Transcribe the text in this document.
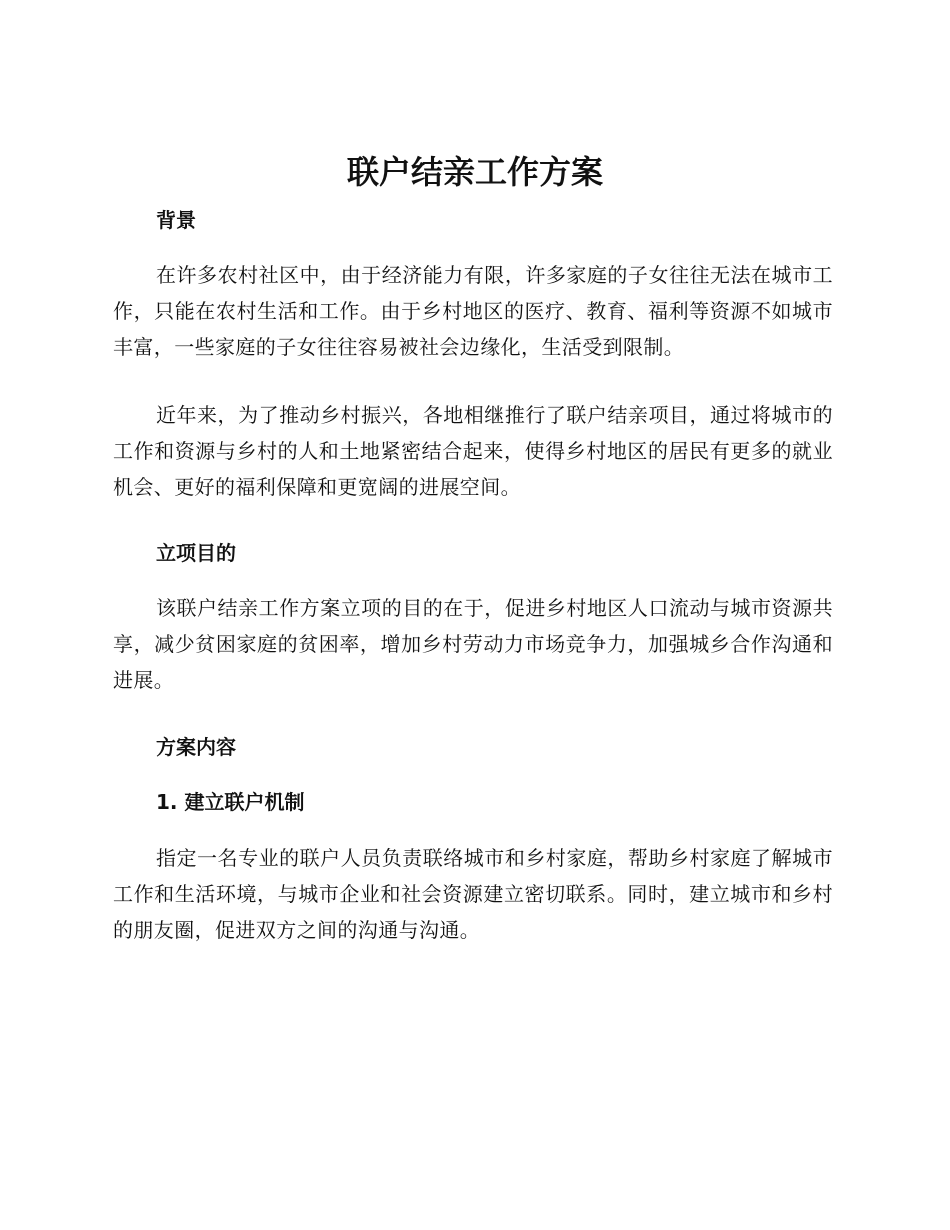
联户结亲工作方案
背景

在许多农村社区中，由于经济能力有限，许多家庭的子女往往无法在城市工作，只能在农村生活和工作。由于乡村地区的医疗、教育、福利等资源不如城市丰富，一些家庭的子女往往容易被社会边缘化，生活受到限制。

近年来，为了推动乡村振兴，各地相继推行了联户结亲项目，通过将城市的工作和资源与乡村的人和土地紧密结合起来，使得乡村地区的居民有更多的就业机会、更好的福利保障和更宽阔的进展空间。

立项目的

该联户结亲工作方案立项的目的在于，促进乡村地区人口流动与城市资源共享，减少贫困家庭的贫困率，增加乡村劳动力市场竞争力，加强城乡合作沟通和进展。

方案内容
1. 建立联户机制

指定一名专业的联户人员负责联络城市和乡村家庭，帮助乡村家庭了解城市工作和生活环境，与城市企业和社会资源建立密切联系。同时，建立城市和乡村的朋友圈，促进双方之间的沟通与沟通。
